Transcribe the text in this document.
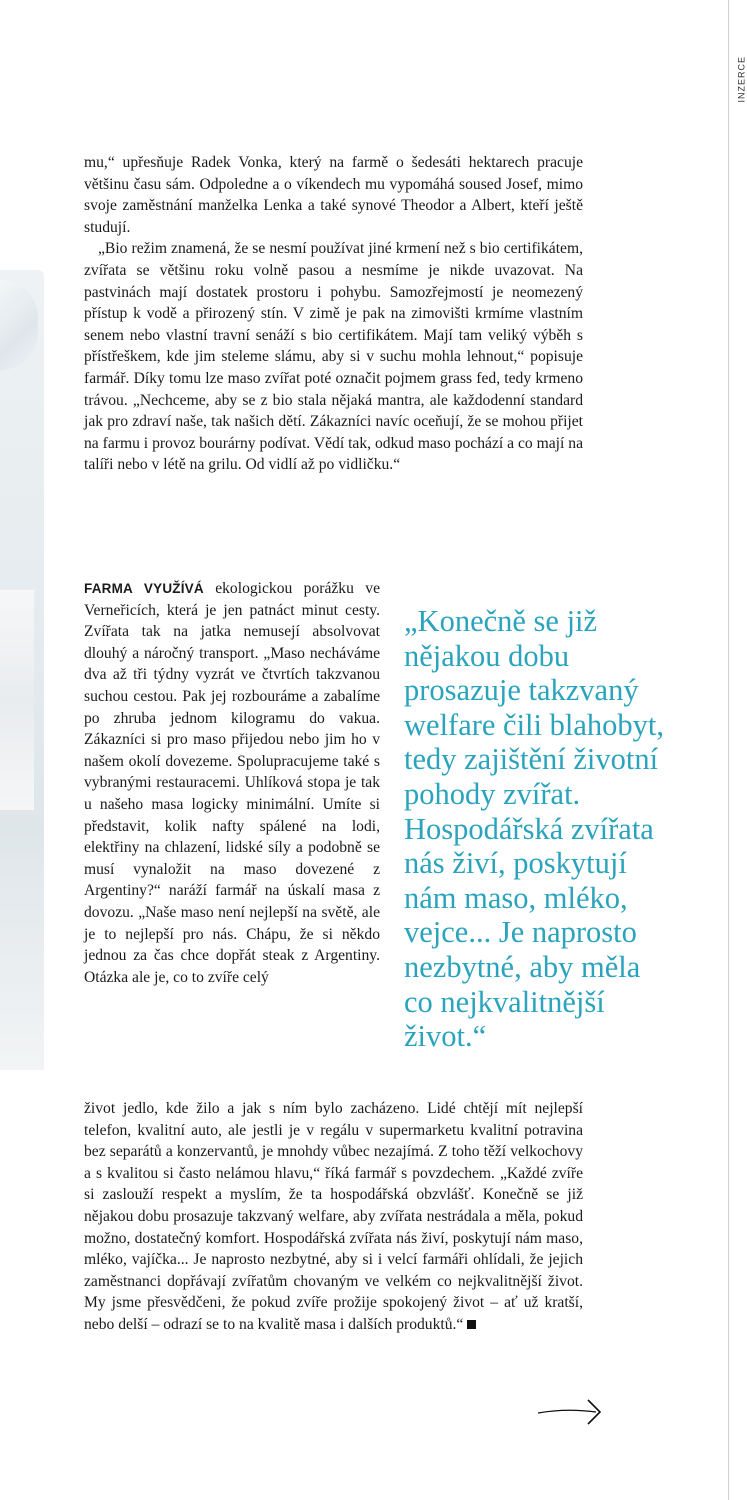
INZERCE

mu,“ upřesňuje Radek Vonka, který na farmě o šedesáti hektarech pracuje většinu času sám. Odpoledne a o víkendech mu vypomáhá soused Josef, mimo svoje zaměstnání manželka Lenka a také synové Theodor a Albert, kteří ještě studují.

„Bio režim znamená, že se nesmí používat jiné krmení než s bio certifikátem, zvířata se většinu roku volně pasou a nesmíme je nikde uvazovat. Na pastvinách mají dostatek prostoru i pohybu. Samozřejmostí je neomezený přístup k vodě a přirozený stín. V zimě je pak na zimovišti krmíme vlastním senem nebo vlastní travní senáží s bio certifikátem. Mají tam veliký výběh s přístřeškem, kde jim steleme slámu, aby si v suchu mohla lehnout,“ popisuje farmář. Díky tomu lze maso zvířat poté označit pojmem grass fed, tedy krmeno trávou. „Nechceme, aby se z bio stala nějaká mantra, ale každodenní standard jak pro zdraví naše, tak našich dětí. Zákazníci navíc oceňují, že se mohou přijet na farmu i provoz bourárny podívat. Vědí tak, odkud maso pochází a co mají na talíři nebo v létě na grilu. Od vidlí až po vidličku.“

FARMA VYUŽÍVÁ ekologickou porážku ve Verneřicích, která je jen patnáct minut cesty. Zvířata tak na jatka nemusejí absolvovat dlouhý a náročný transport. „Maso necháváme dva až tři týdny vyzrát ve čtvrtích takzvanou suchou cestou. Pak jej rozbouráme a zabalíme po zhruba jednom kilogramu do vakua. Zákazníci si pro maso přijedou nebo jim ho v našem okolí dovezeme. Spolupracujeme také s vybranými restauracemi. Uhlíková stopa je tak u našeho masa logicky minimální. Umíte si představit, kolik nafty spálené na lodi, elektřiny na chlazení, lidské síly a podobně se musí vynaložit na maso dovezené z Argentiny?“ naráží farmář na úskalí masa z dovozu. „Naše maso není nejlepší na světě, ale je to nejlepší pro nás. Chápu, že si někdo jednou za čas chce dopřát steak z Argentiny. Otázka ale je, co to zvíře celý

život jedlo, kde žilo a jak s ním bylo zacházeno. Lidé chtějí mít nejlepší telefon, kvalitní auto, ale jestli je v regálu v supermarketu kvalitní potravina bez separátů a konzervantů, je mnohdy vůbec nezajímá. Z toho těží velkochovy a s kvalitou si často nelámou hlavu,“ říká farmář s povzdechem. „Každé zvíře si zaslouží respekt a myslím, že ta hospodářská obzvlášť. Konečně se již nějakou dobu prosazuje takzvaný welfare, aby zvířata nestrádala a měla, pokud možno, dostatečný komfort. Hospodářská zvířata nás živí, poskytují nám maso, mléko, vajíčka... Je naprosto nezbytné, aby si i velcí farmáři ohlídali, že jejich zaměstnanci dopřávají zvířatům chovaným ve velkém co nejkvalitnější život. My jsme přesvědčeni, že pokud zvíře prožije spokojený život – ať už kratší, nebo delší – odrazí se to na kvalitě masa i dalších produktů.“

„Konečně se již
nějakou dobu
prosazuje takzvaný
welfare čili blahobyt,
tedy zajištění životní
pohody zvířat.
Hospodářská zvířata
nás živí, poskytují
nám maso, mléko,
vejce... Je naprosto
nezbytné, aby měla
co nejkvalitnější
život.“
